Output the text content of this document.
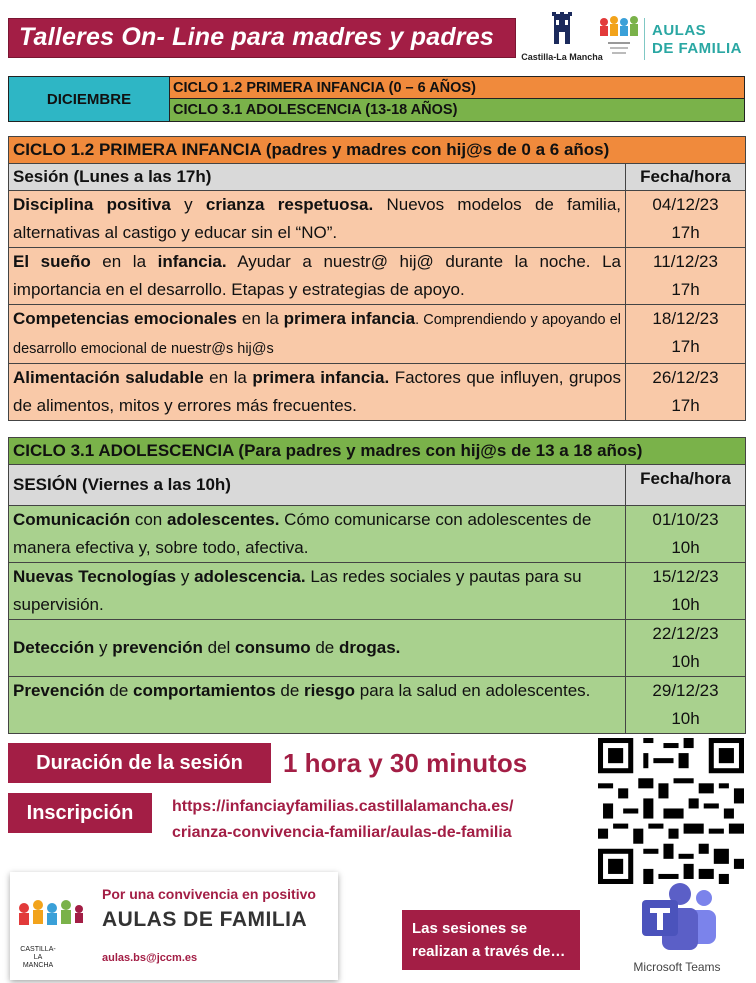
Talleres On- Line para madres y padres
Castilla-La Mancha
AULAS
DE FAMILIA
DICIEMBRE
CICLO 1.2 PRIMERA INFANCIA (0 – 6 AÑOS)
CICLO 3.1 ADOLESCENCIA (13-18 AÑOS)
CICLO 1.2 PRIMERA INFANCIA (padres y madres con hij@s de 0 a 6 años)	
Sesión (Lunes a las 17h)	Fecha/hora
Disciplina positiva y crianza respetuosa. Nuevos modelos de familia, alternativas al castigo y educar sin el “NO”.	04/12/23
17h

El sueño en la infancia. Ayudar a nuestr@ hij@ durante la noche. La importancia en el desarrollo. Etapas y estrategias de apoyo.	11/12/23
17h

Competencias emocionales en la primera infancia. Comprendiendo y apoyando el desarrollo emocional de nuestr@s hij@s	18/12/23
17h

Alimentación saludable en la primera infancia. Factores que influyen, grupos de alimentos, mitos y errores más frecuentes.	26/12/23
17h
CICLO 3.1 ADOLESCENCIA (Para padres y madres con hij@s de 13 a 18 años)	
SESIÓN (Viernes a las 10h)	Fecha/hora
Comunicación con adolescentes. Cómo comunicarse con adolescentes de manera efectiva y, sobre todo, afectiva.	01/10/23
10h

Nuevas Tecnologías y adolescencia. Las redes sociales y pautas para su supervisión.	15/12/23
10h

Detección y prevención del consumo de drogas.	22/12/23
10h

Prevención de comportamientos de riesgo para la salud en adolescentes.	29/12/23
10h
Duración de la sesión	1 hora y 30 minutos
Inscripción	https://infanciayfamilias.castillalamancha.es/
crianza-convivencia-familiar/aulas-de-familia
CASTILLA-LA MANCHA
Por una convivencia en positivo
AULAS DE FAMILIA
aulas.bs@jccm.es
Las sesiones se realizan a través de…
Microsoft Teams
